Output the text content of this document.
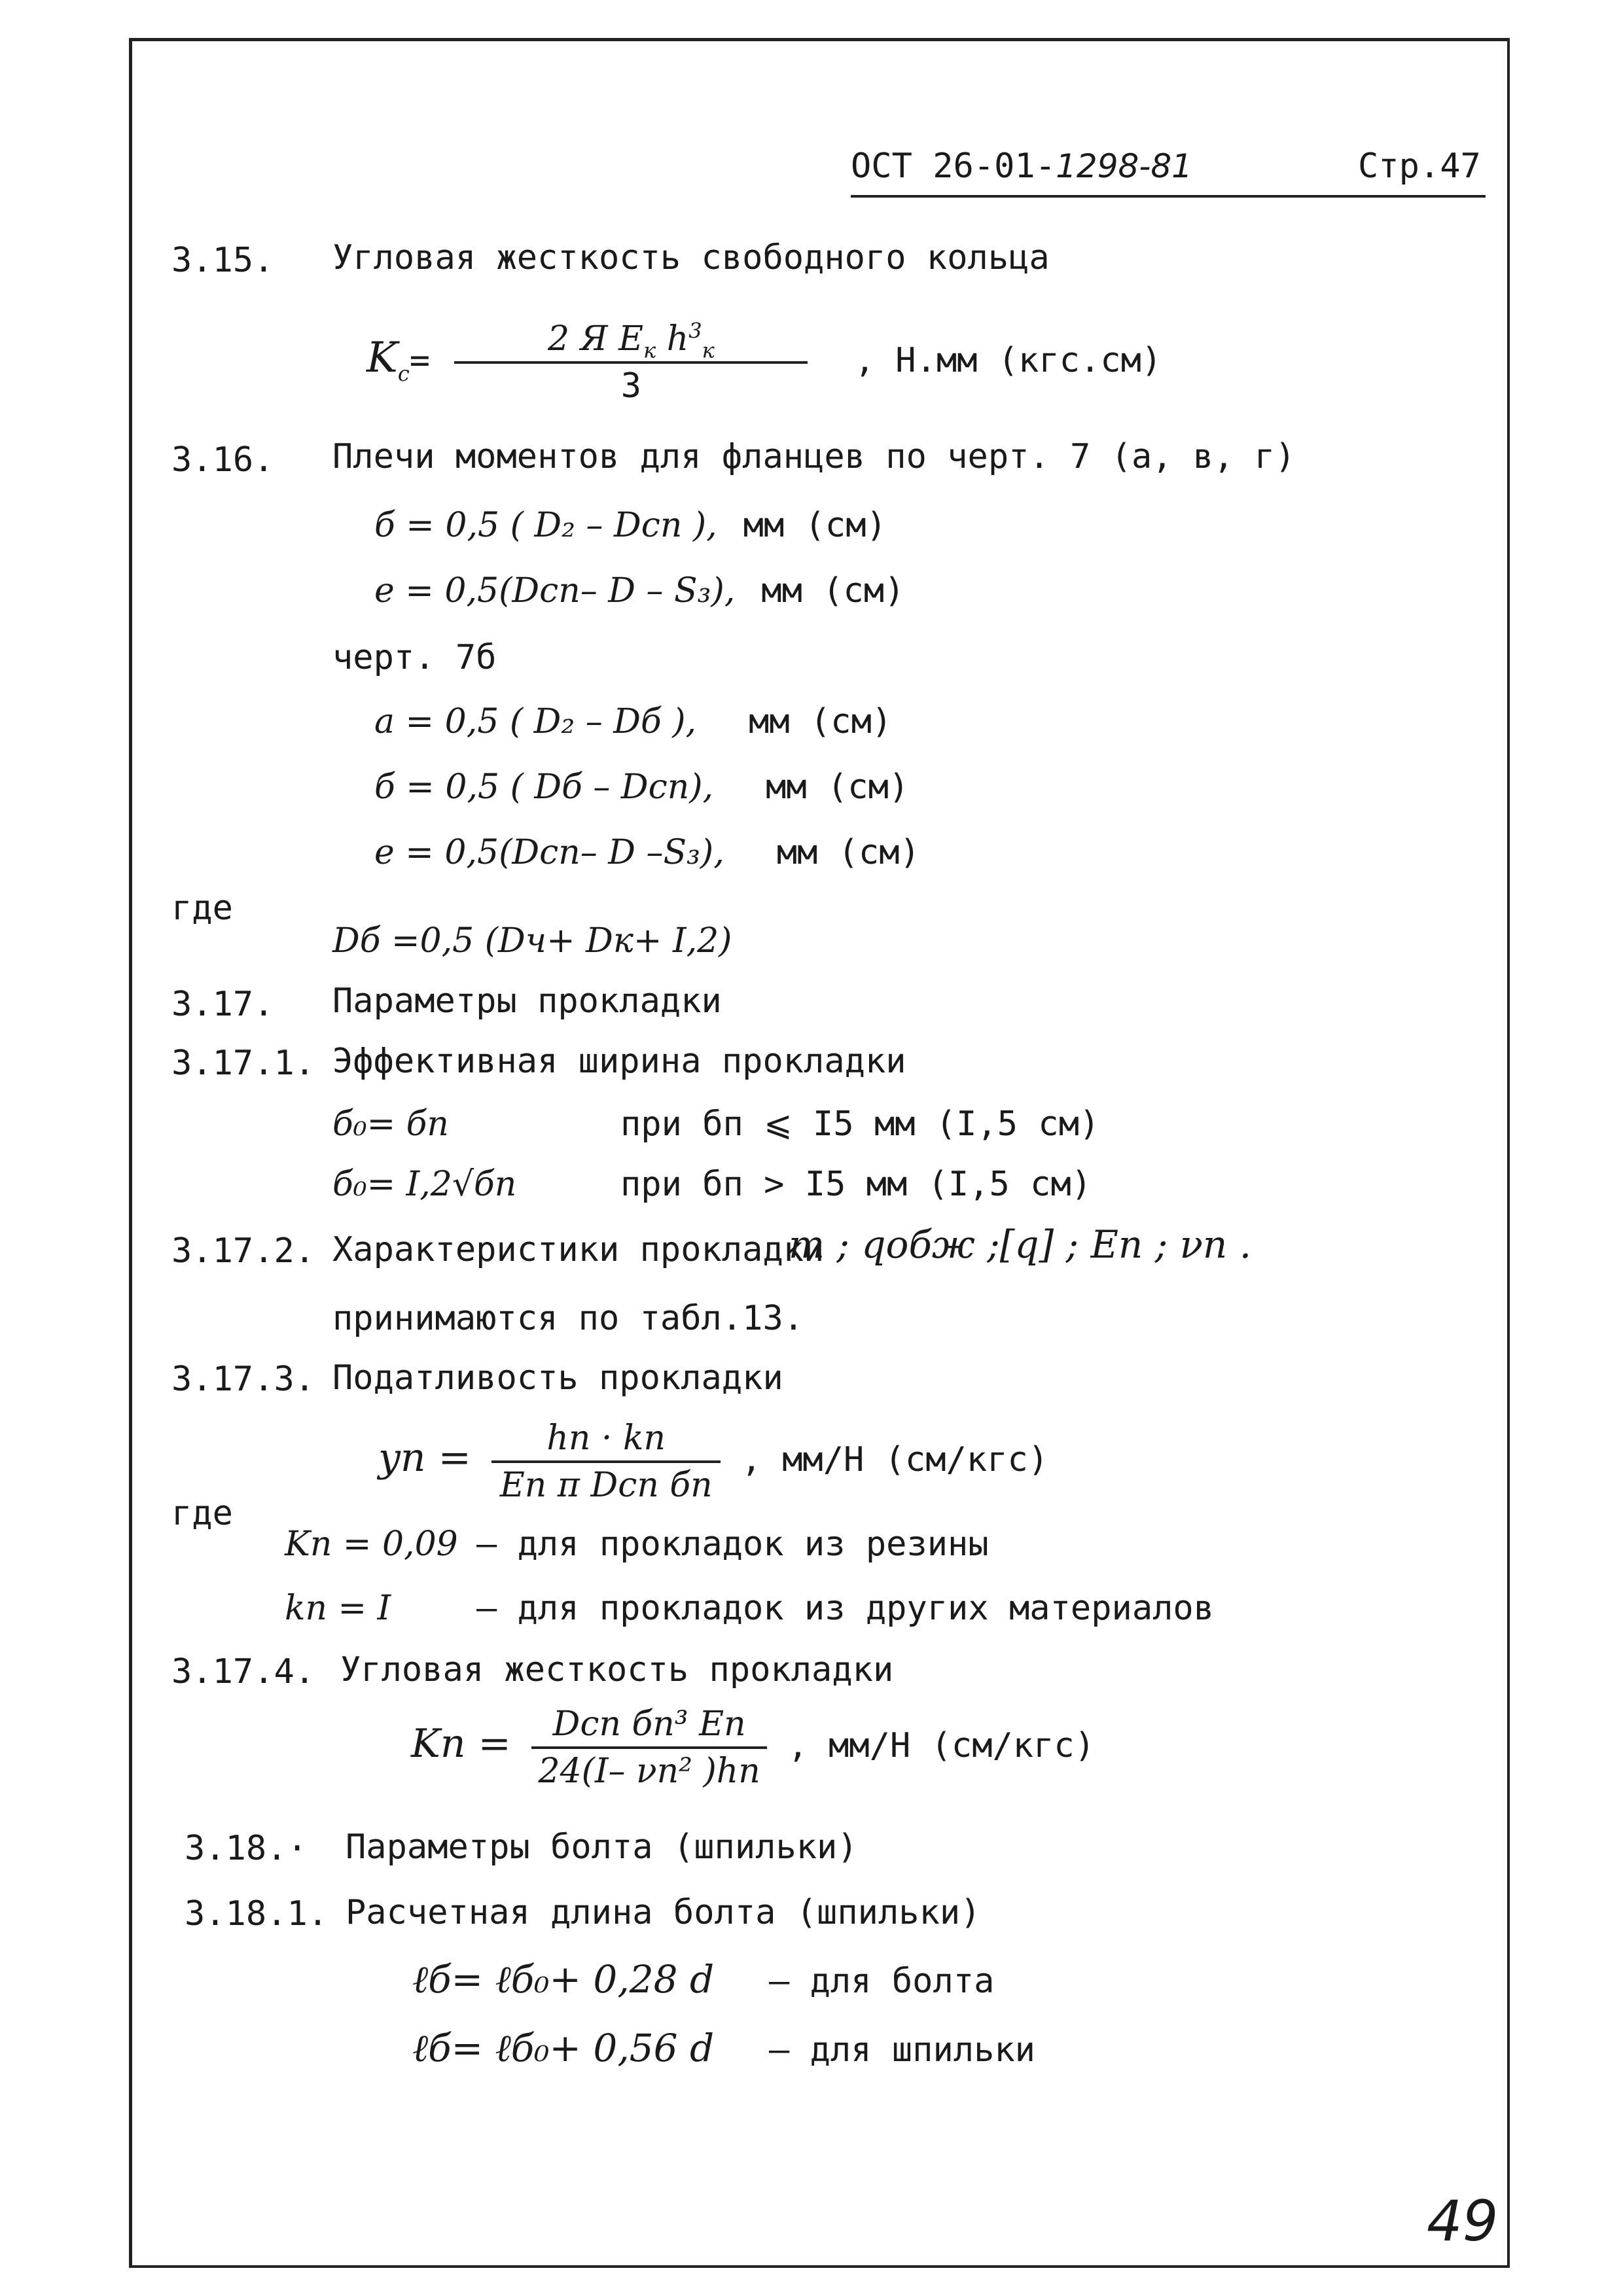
ОСТ 26-01-1298-81	Стр.47
3.15. Угловая жесткость свободного кольца
$K_c= \frac{2 Я E_к h^3_к}{3}$ , Н.мм (кгс.см)
3.16. Плечи моментов для фланцев по черт. 7 (а, в, г)
б = 0,5 ( D₂ – Dсп ), мм (см)
e = 0,5(Dсп– D – S₃), мм (см)
черт. 7б
a = 0,5 ( D₂ – Dб ), мм (см)
б = 0,5 ( Dб – Dсп), мм (см)
e = 0,5(Dсп– D –S₃), мм (см)
где
Dб =0,5 (Dч+ Dк+ I,2)
3.17. Параметры прокладки
3.17.1. Эффективная ширина прокладки
б₀= бп	при бп ⩽ I5 мм (I,5 см)
б₀= I,2√бп	при бп > I5 мм (I,5 см)
3.17.2. Характеристики прокладки
m ; qобж ;[q] ; Eп ; νп .
принимаются по табл.13.
3.17.3. Податливость прокладки
yп = $\frac{hп \cdot kп}{\text{Eп π Dсп бп}}$ , мм/Н (см/кгс)
где
Kп = 0,09 – для прокладок из резины
kп = I	– для прокладок из других материалов
3.17.4. Угловая жесткость прокладки
Kп = $\frac{\text{Dсп бп³ Eп}}{\text{24(I– νп² )hп}}$ , мм/Н (см/кгс)
3.18.· Параметры болта (шпильки)
3.18.1. Расчетная длина болта (шпильки)
ℓб= ℓб₀+ 0,28 d – для болта
ℓб= ℓб₀+ 0,56 d – для шпильки
49
